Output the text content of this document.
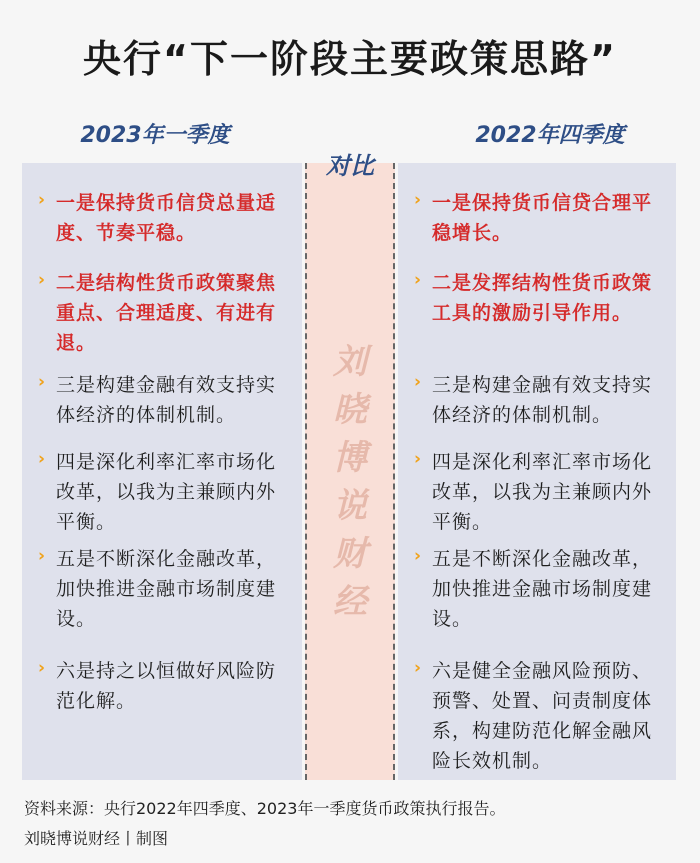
央行“下一阶段主要政策思路”
2023年一季度	2022年四季度
对比
刘晓博说财经
› 一是保持货币信贷总量适度、节奏平稳。
› 二是结构性货币政策聚焦重点、合理适度、有进有退。
› 三是构建金融有效支持实体经济的体制机制。
› 四是深化利率汇率市场化改革，以我为主兼顾内外平衡。
› 五是不断深化金融改革，加快推进金融市场制度建设。
› 六是持之以恒做好风险防范化解。
› 一是保持货币信贷合理平稳增长。
› 二是发挥结构性货币政策工具的激励引导作用。
› 三是构建金融有效支持实体经济的体制机制。
› 四是深化利率汇率市场化改革，以我为主兼顾内外平衡。
› 五是不断深化金融改革，加快推进金融市场制度建设。
› 六是健全金融风险预防、预警、处置、问责制度体系，构建防范化解金融风险长效机制。
资料来源：央行2022年四季度、2023年一季度货币政策执行报告。
刘晓博说财经丨制图
